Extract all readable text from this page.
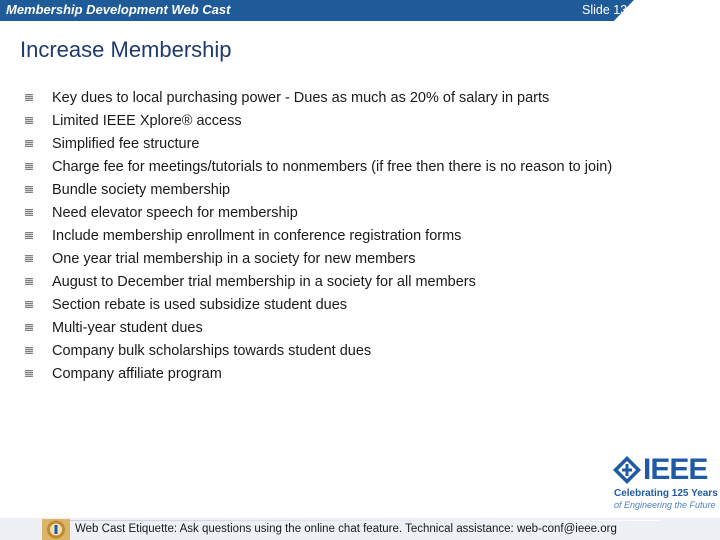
Membership Development Web Cast	Slide 13
Increase Membership
Key dues to local purchasing power - Dues as much as 20% of salary in parts
Limited IEEE Xplore® access
Simplified fee structure
Charge fee for meetings/tutorials to nonmembers (if free then there is no reason to join)
Bundle society membership
Need elevator speech for membership
Include membership enrollment in conference registration forms
One year trial membership in a society for new members
August to December trial membership in a society for all members
Section rebate is used subsidize student dues
Multi-year student dues
Company bulk scholarships towards student dues
Company affiliate program
IEEE
Celebrating 125 Years
of Engineering the Future
Web Cast Etiquette: Ask questions using the online chat feature. Technical assistance: web-conf@ieee.org
